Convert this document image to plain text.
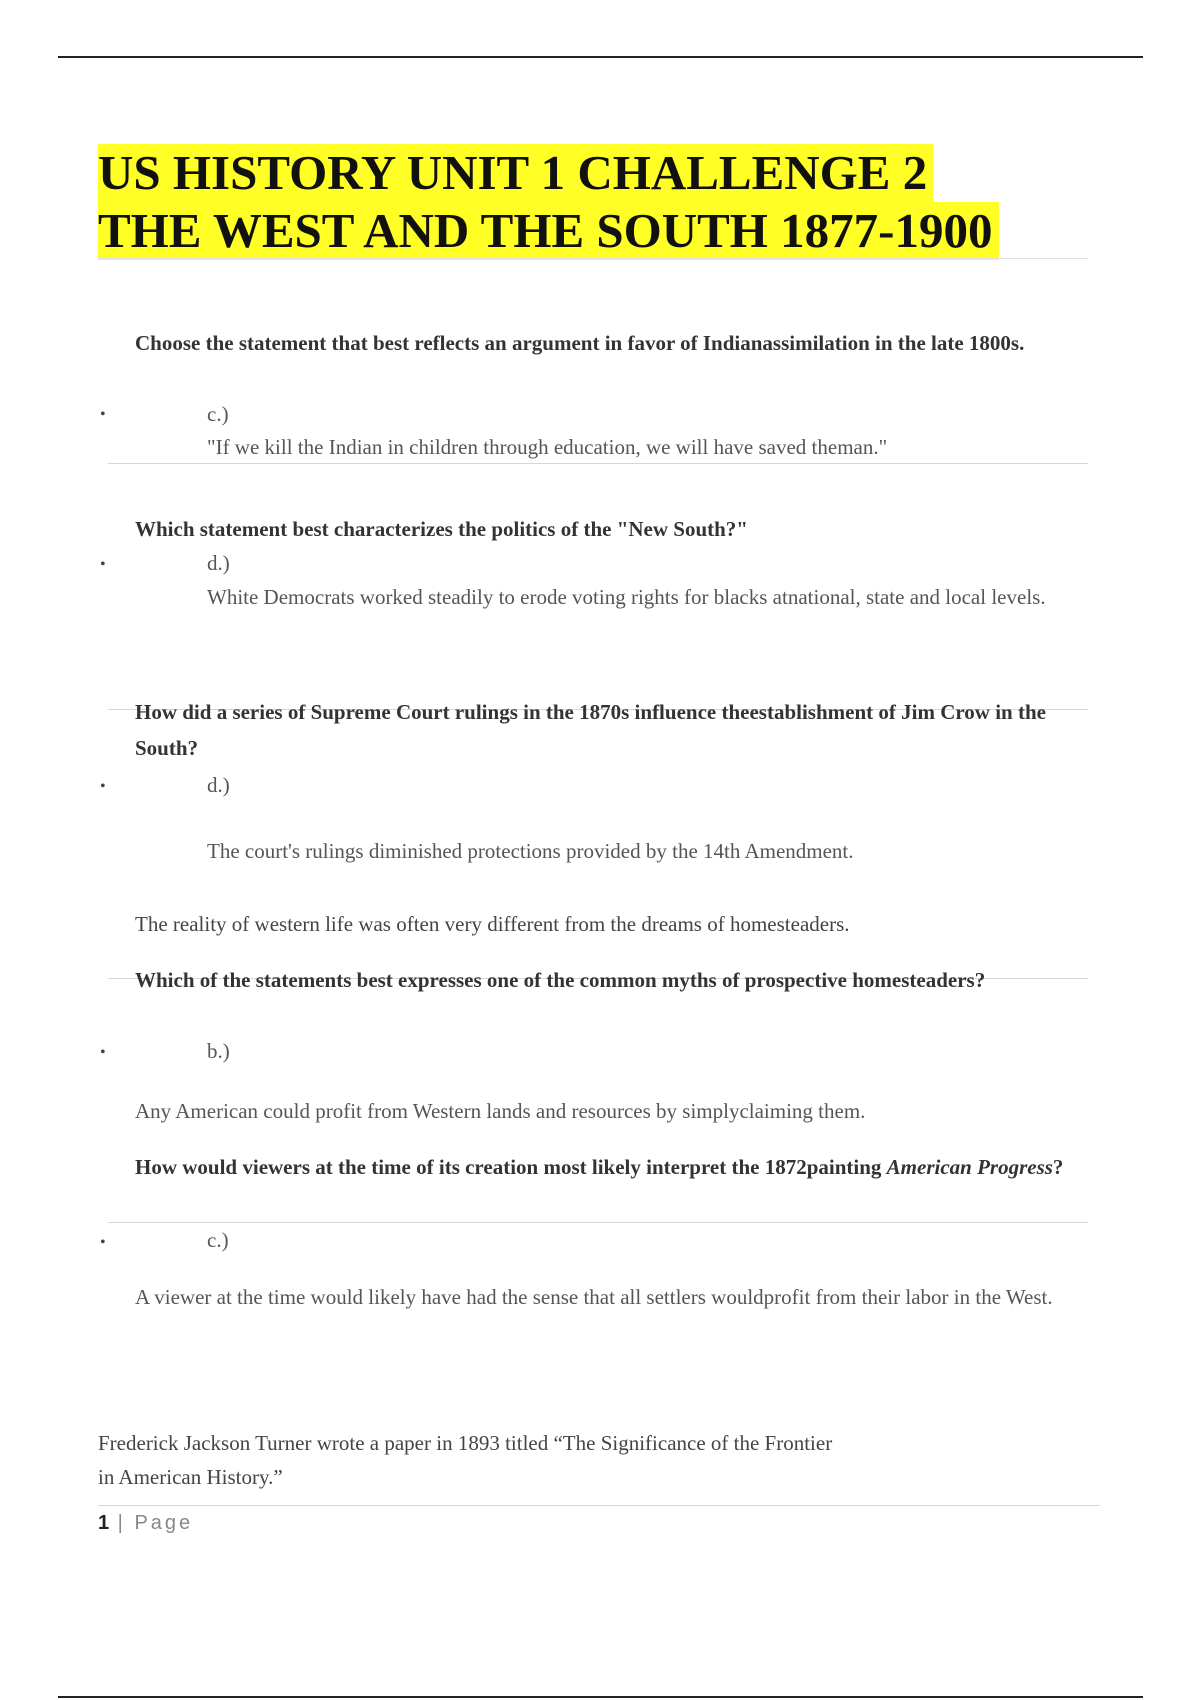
US HISTORY UNIT 1 CHALLENGE 2
THE WEST AND THE SOUTH 1877-1900

Choose the statement that best reflects an argument in favor of Indianassimilation in the late 1800s.

•	c.)

"If we kill the Indian in children through education, we will have saved theman."

Which statement best characterizes the politics of the "New South?"

•	d.)

White Democrats worked steadily to erode voting rights for blacks atnational, state and local levels.

How did a series of Supreme Court rulings in the 1870s influence theestablishment of Jim Crow in the South?

•	d.)

The court's rulings diminished protections provided by the 14th Amendment.

The reality of western life was often very different from the dreams of homesteaders.

Which of the statements best expresses one of the common myths of prospective homesteaders?

•	b.)

Any American could profit from Western lands and resources by simplyclaiming them.

How would viewers at the time of its creation most likely interpret the 1872painting American Progress?

•	c.)

A viewer at the time would likely have had the sense that all settlers wouldprofit from their labor in the West.

Frederick Jackson Turner wrote a paper in 1893 titled “The Significance of the Frontier
in American History.”

1 | Page
